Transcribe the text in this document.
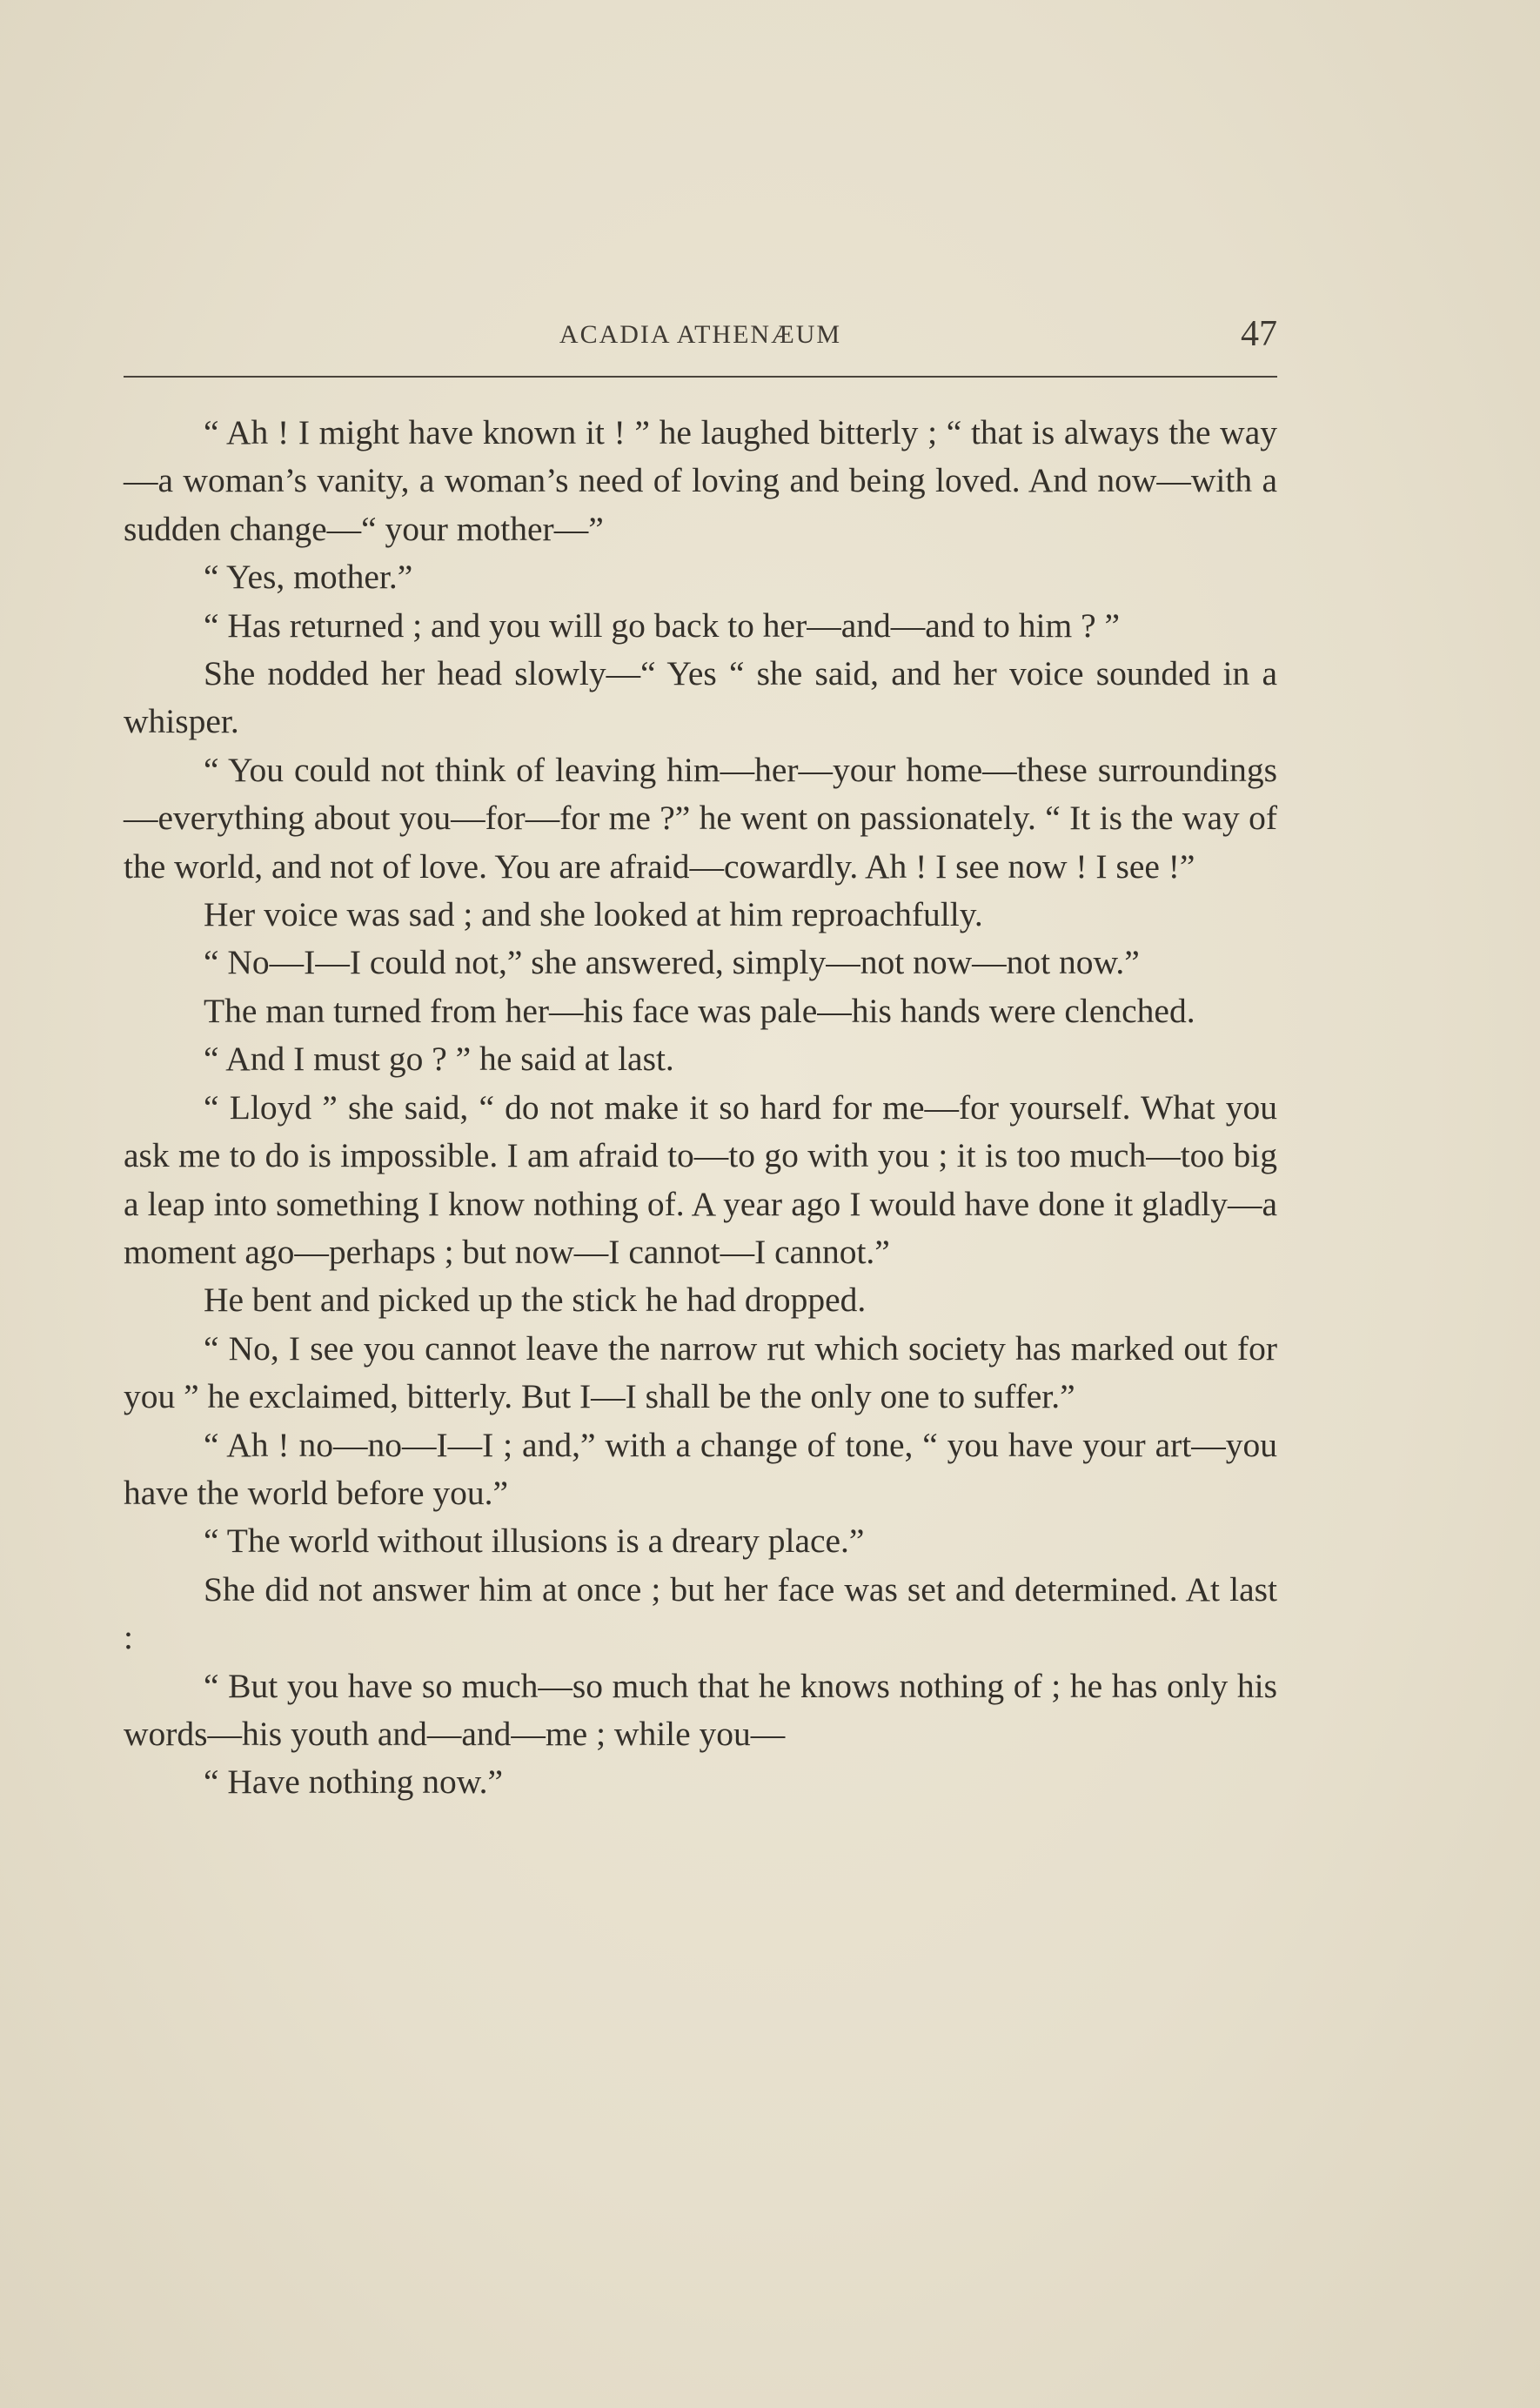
ACADIA ATHENÆUM	47

“ Ah ! I might have known it ! ” he laughed bitterly ; “ that is always the way—a woman’s vanity, a woman’s need of loving and being loved. And now—with a sudden change—“ your mother—”

“ Yes, mother.”

“ Has returned ; and you will go back to her—and—and to him ? ”

She nodded her head slowly—“ Yes “ she said, and her voice sounded in a whisper.

“ You could not think of leaving him—her—your home—these surroundings—everything about you—for—for me ?” he went on passionately. “ It is the way of the world, and not of love. You are afraid—cowardly. Ah ! I see now ! I see !”

Her voice was sad ; and she looked at him reproachfully.

“ No—I—I could not,” she answered, simply—not now—not now.”

The man turned from her—his face was pale—his hands were clenched.

“ And I must go ? ” he said at last.

“ Lloyd ” she said, “ do not make it so hard for me—for yourself. What you ask me to do is impossible. I am afraid to—to go with you ; it is too much—too big a leap into something I know nothing of. A year ago I would have done it gladly—a moment ago—perhaps ; but now—I cannot—I cannot.”

He bent and picked up the stick he had dropped.

“ No, I see you cannot leave the narrow rut which society has marked out for you ” he exclaimed, bitterly. But I—I shall be the only one to suffer.”

“ Ah ! no—no—I—I ; and,” with a change of tone, “ you have your art—you have the world before you.”

“ The world without illusions is a dreary place.”

She did not answer him at once ; but her face was set and determined. At last :

“ But you have so much—so much that he knows nothing of ; he has only his words—his youth and—and—me ; while you—

“ Have nothing now.”
